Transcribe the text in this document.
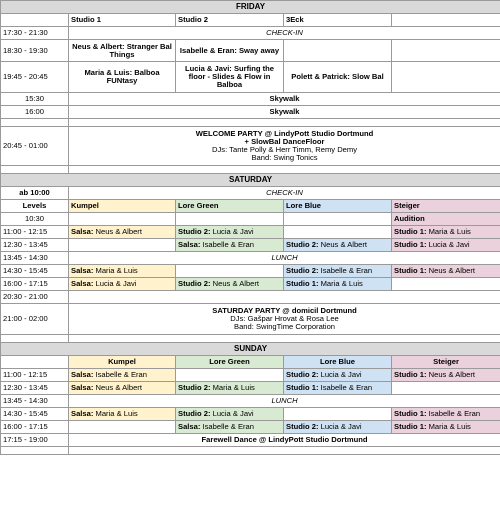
FRIDAY				
	Studio 1	Studio 2	3Eck	
17:30 - 21:30	CHECK-IN			
18:30 - 19:30	Neus & Albert: Stranger Bal Things	Isabelle & Eran: Sway away		
19:45 - 20:45	Maria & Luis: Balboa FUNtasy	Lucia & Javi: Surfing the floor - Slides & Flow in Balboa	Polett & Patrick: Slow Bal	
15:30	Skywalk			
16:00	Skywalk			

20:45 - 01:00	WELCOME PARTY @ LindyPott Studio Dortmund
+ SlowBal DanceFloor
DJs: Tante Polly & Herr Timm, Remy Demy
Band: Swing Tonics			

SATURDAY				
ab 10:00	CHECK-IN			
Levels	Kumpel	Lore Green	Lore Blue	Steiger
10:30				Audition
11:00 - 12:15	Salsa: Neus & Albert	Studio 2: Lucia & Javi		Studio 1: Maria & Luis
12:30 - 13:45		Salsa: Isabelle & Eran	Studio 2: Neus & Albert	Studio 1: Lucia & Javi
13:45 - 14:30	LUNCH			
14:30 - 15:45	Salsa: Maria & Luis		Studio 2: Isabelle & Eran	Studio 1: Neus & Albert
16:00 - 17:15	Salsa: Lucia & Javi	Studio 2: Neus & Albert	Studio 1: Maria & Luis	
20:30 - 21:00				
21:00 - 02:00	SATURDAY PARTY @ domicil Dortmund
DJs: Gašpar Hrovat & Rosa Lee
Band: SwingTime Corporation			

SUNDAY				
	Kumpel	Lore Green	Lore Blue	Steiger
11:00 - 12:15	Salsa: Isabelle & Eran		Studio 2: Lucia & Javi	Studio 1: Neus & Albert
12:30 - 13:45	Salsa: Neus & Albert	Studio 2: Maria & Luis	Studio 1: Isabelle & Eran	
13:45 - 14:30	LUNCH			
14:30 - 15:45	Salsa: Maria & Luis	Studio 2: Lucia & Javi		Studio 1: Isabelle & Eran
16:00 - 17:15		Salsa: Isabelle & Eran	Studio 2: Lucia & Javi	Studio 1: Maria & Luis
17:15 - 19:00	Farewell Dance @ LindyPott Studio Dortmund			
